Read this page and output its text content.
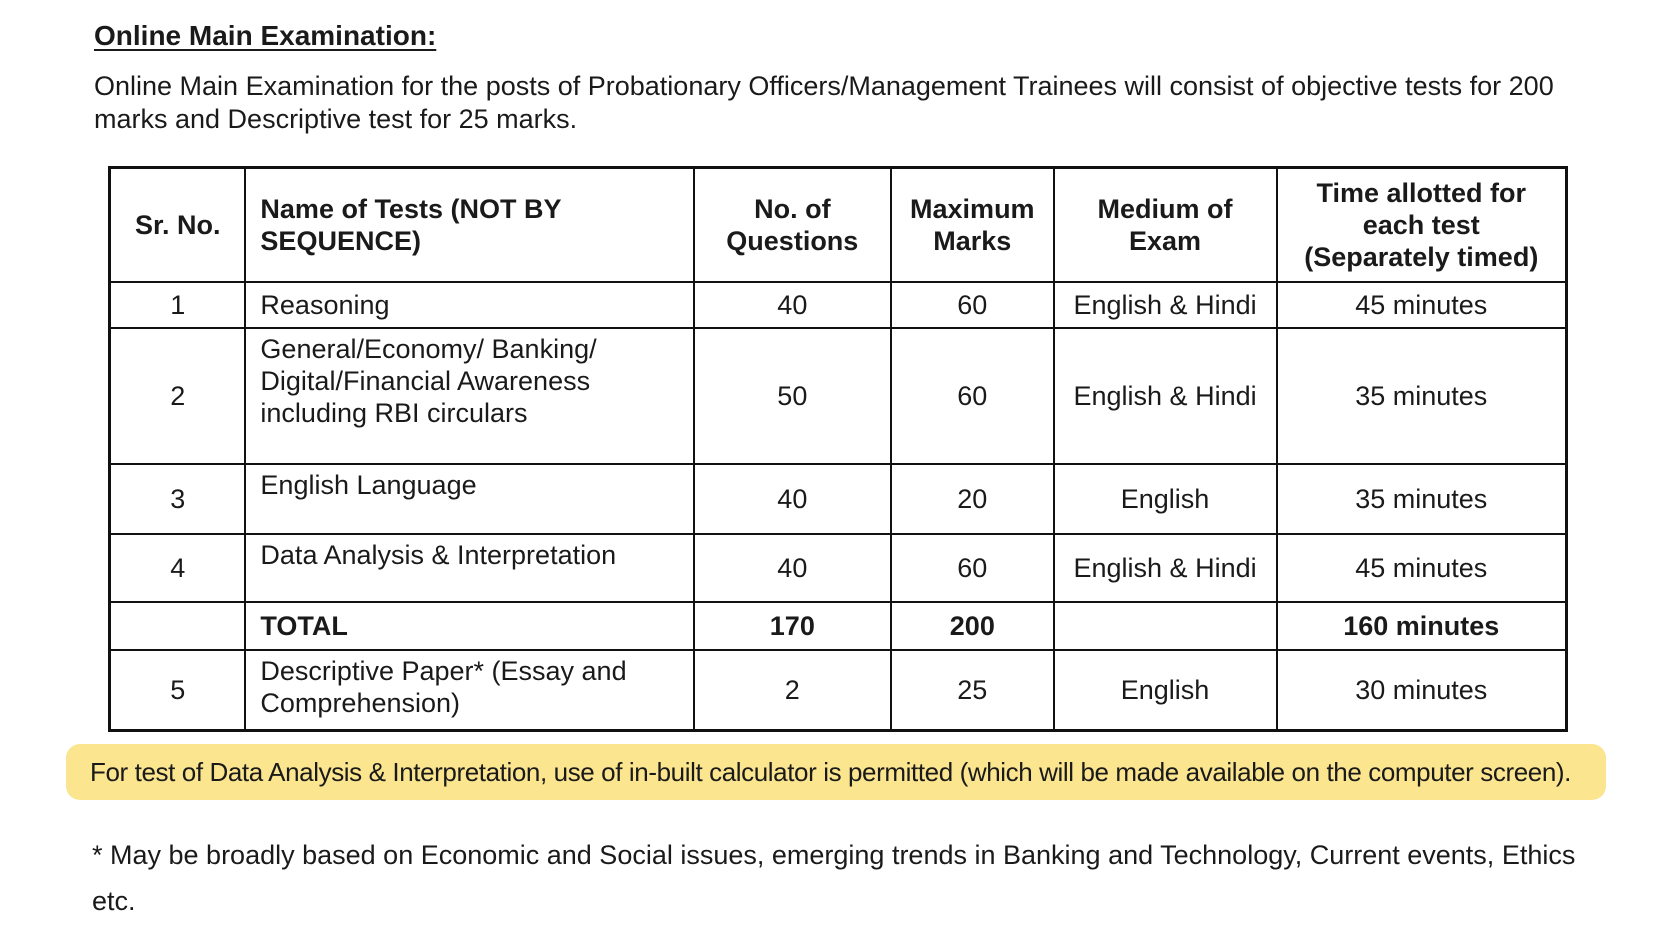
Online Main Examination:

Online Main Examination for the posts of Probationary Officers/Management Trainees will consist of objective tests for 200 marks and Descriptive test for 25 marks.

Sr. No.	Name of Tests (NOT BY SEQUENCE)	No. of Questions	Maximum Marks	Medium of Exam	Time allotted for each test (Separately timed)
1	Reasoning	40	60	English & Hindi	45 minutes
2	General/Economy/ Banking/ Digital/Financial Awareness including RBI circulars	50	60	English & Hindi	35 minutes
3	English Language	40	20	English	35 minutes
4	Data Analysis & Interpretation	40	60	English & Hindi	45 minutes
	TOTAL	170	200		160 minutes
5	Descriptive Paper* (Essay and Comprehension)	2	25	English	30 minutes
For test of Data Analysis & Interpretation, use of in-built calculator is permitted (which will be made available on the computer screen).

* May be broadly based on Economic and Social issues, emerging trends in Banking and Technology, Current events, Ethics etc.
